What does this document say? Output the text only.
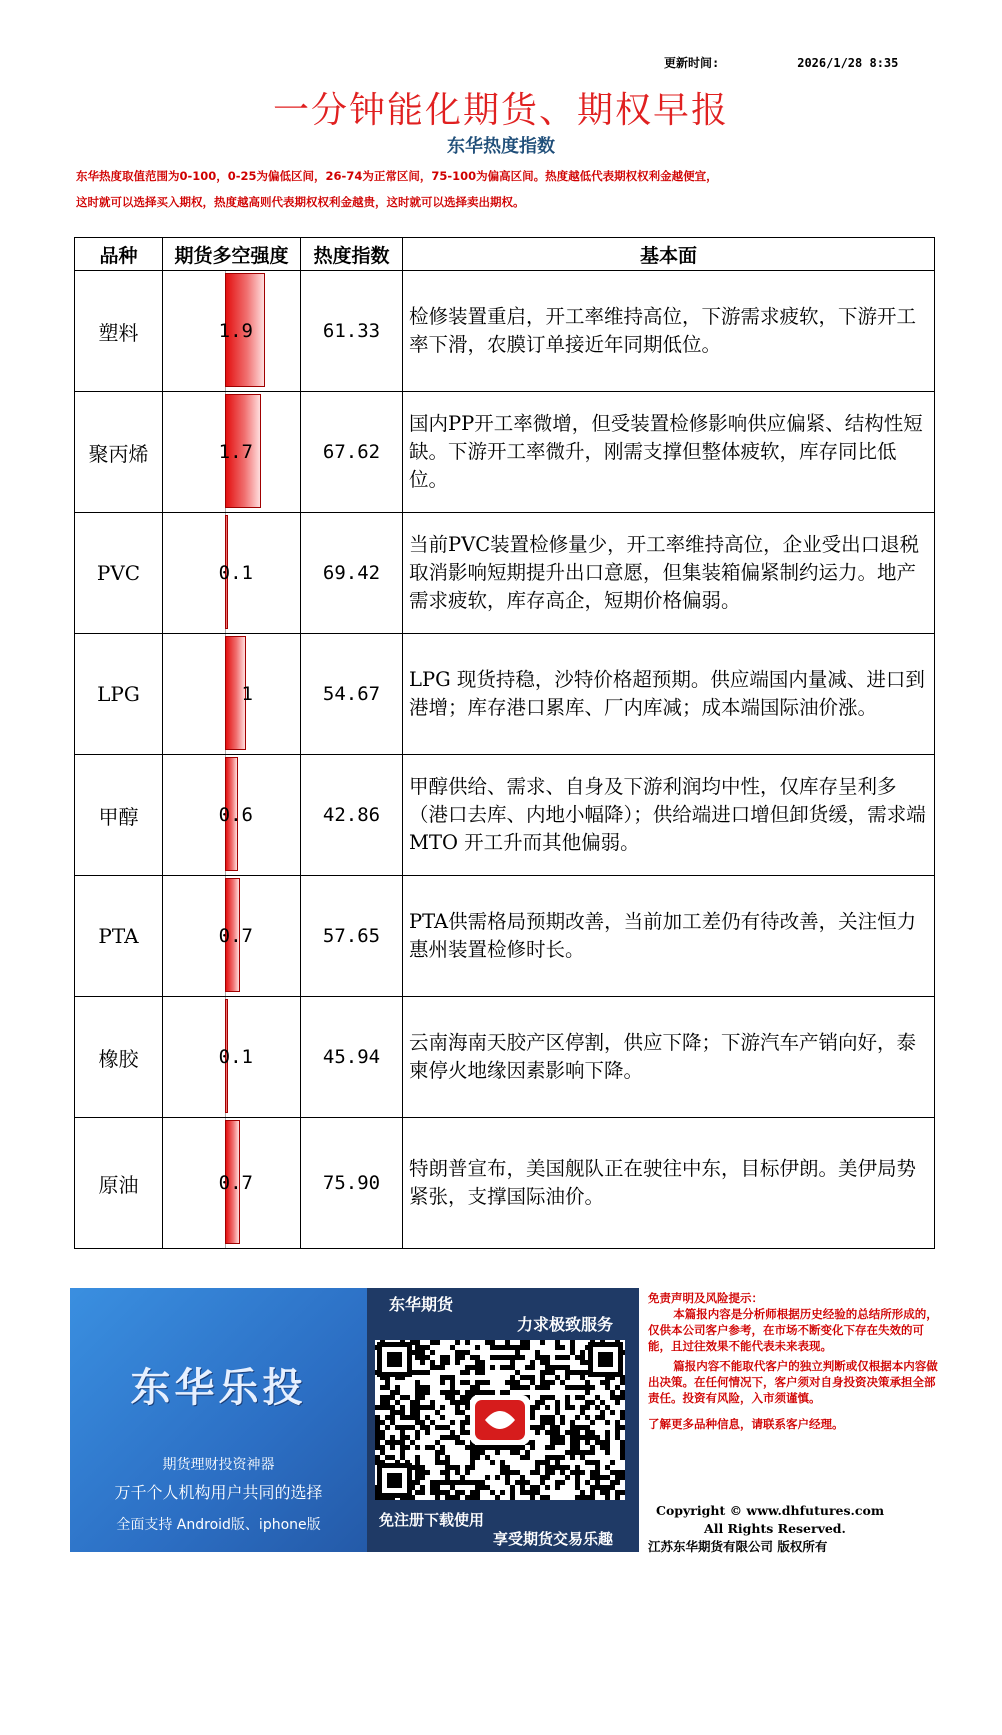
更新时间:	2026/1/28 8:35
一分钟能化期货、期权早报
东华热度指数
东华热度取值范围为0-100，0-25为偏低区间，26-74为正常区间，75-100为偏高区间。热度越低代表期权权利金越便宜，
这时就可以选择买入期权，热度越高则代表期权权利金越贵，这时就可以选择卖出期权。
品种	期货多空强度	热度指数	基本面
塑料	1.9	61.33	检修装置重启，开工率维持高位，下游需求疲软，下游开工率下滑，农膜订单接近年同期低位。
聚丙烯	1.7	67.62	国内PP开工率微增，但受装置检修影响供应偏紧、结构性短缺。下游开工率微升，刚需支撑但整体疲软，库存同比低位。
PVC	0.1	69.42	当前PVC装置检修量少，开工率维持高位，企业受出口退税取消影响短期提升出口意愿，但集装箱偏紧制约运力。地产需求疲软，库存高企，短期价格偏弱。
LPG	1	54.67	LPG 现货持稳，沙特价格超预期。供应端国内量减、进口到港增；库存港口累库、厂内库减；成本端国际油价涨。
甲醇	0.6	42.86	甲醇供给、需求、自身及下游利润均中性，仅库存呈利多（港口去库、内地小幅降）；供给端进口增但卸货缓，需求端 MTO 开工升而其他偏弱。
PTA	0.7	57.65	PTA供需格局预期改善，当前加工差仍有待改善，关注恒力惠州装置检修时长。
橡胶	0.1	45.94	云南海南天胶产区停割，供应下降；下游汽车产销向好，泰柬停火地缘因素影响下降。
原油	0.7	75.90	特朗普宣布，美国舰队正在驶往中东，目标伊朗。美伊局势紧张，支撑国际油价。
东华乐投
期货理财投资神器
万千个人机构用户共同的选择
全面支持 Android版、iphone版
东华期货
力求极致服务
免注册下载使用
享受期货交易乐趣

免责声明及风险提示：

本篇报内容是分析师根据历史经验的总结所形成的，仅供本公司客户参考，在市场不断变化下存在失效的可能，且过往效果不能代表未来表现。

篇报内容不能取代客户的独立判断或仅根据本内容做出决策。在任何情况下，客户须对自身投资决策承担全部责任。投资有风险，入市须谨慎。

了解更多品种信息，请联系客户经理。

Copyright © www.dhfutures.com
All Rights Reserved.
江苏东华期货有限公司 版权所有
